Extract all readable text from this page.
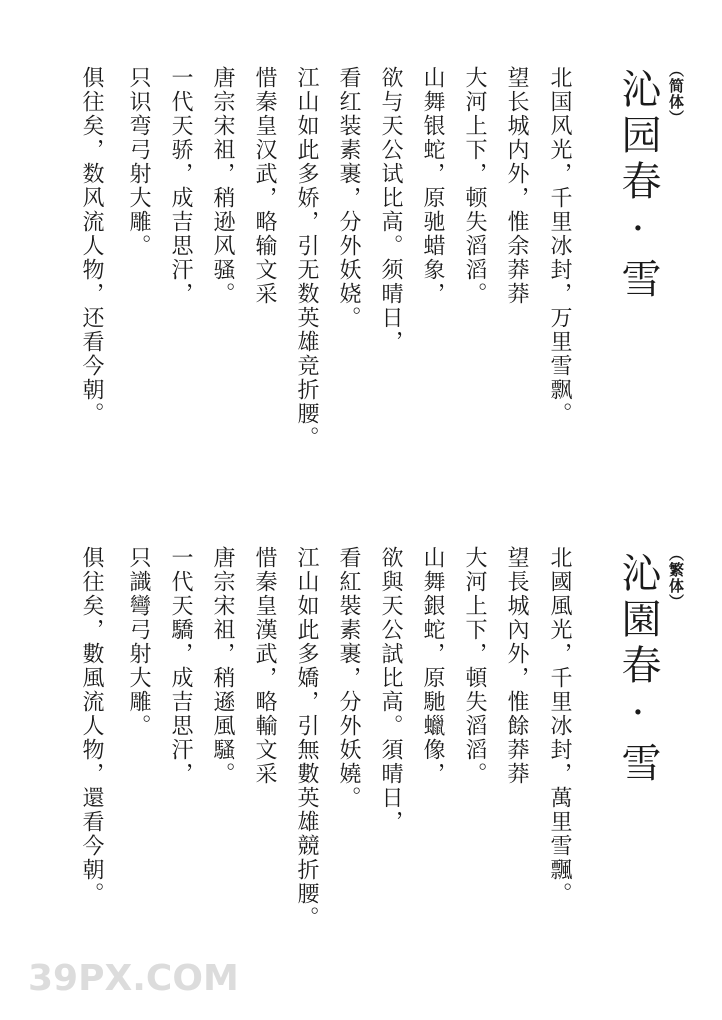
（简体）
沁园春·雪
北国风光，千里冰封，万里雪飘。
望长城内外，惟余莽莽
大河上下，顿失滔滔。
山舞银蛇，原驰蜡象，
欲与天公试比高。须晴日，
看红装素裹，分外妖娆。
江山如此多娇，引无数英雄竞折腰。
惜秦皇汉武，略输文采
唐宗宋祖，稍逊风骚。
一代天骄，成吉思汗，
只识弯弓射大雕。
俱往矣，数风流人物，还看今朝。
（繁体）
沁園春·雪
北國風光，千里冰封，萬里雪飄。
望長城內外，惟餘莽莽
大河上下，頓失滔滔。
山舞銀蛇，原馳蠟像，
欲與天公試比高。須晴日，
看紅裝素裹，分外妖嬈。
江山如此多嬌，引無數英雄競折腰。
惜秦皇漢武，略輸文采
唐宗宋祖，稍遜風騷。
一代天驕，成吉思汗，
只識彎弓射大雕。
俱往矣，數風流人物，還看今朝。
39PX.COM
